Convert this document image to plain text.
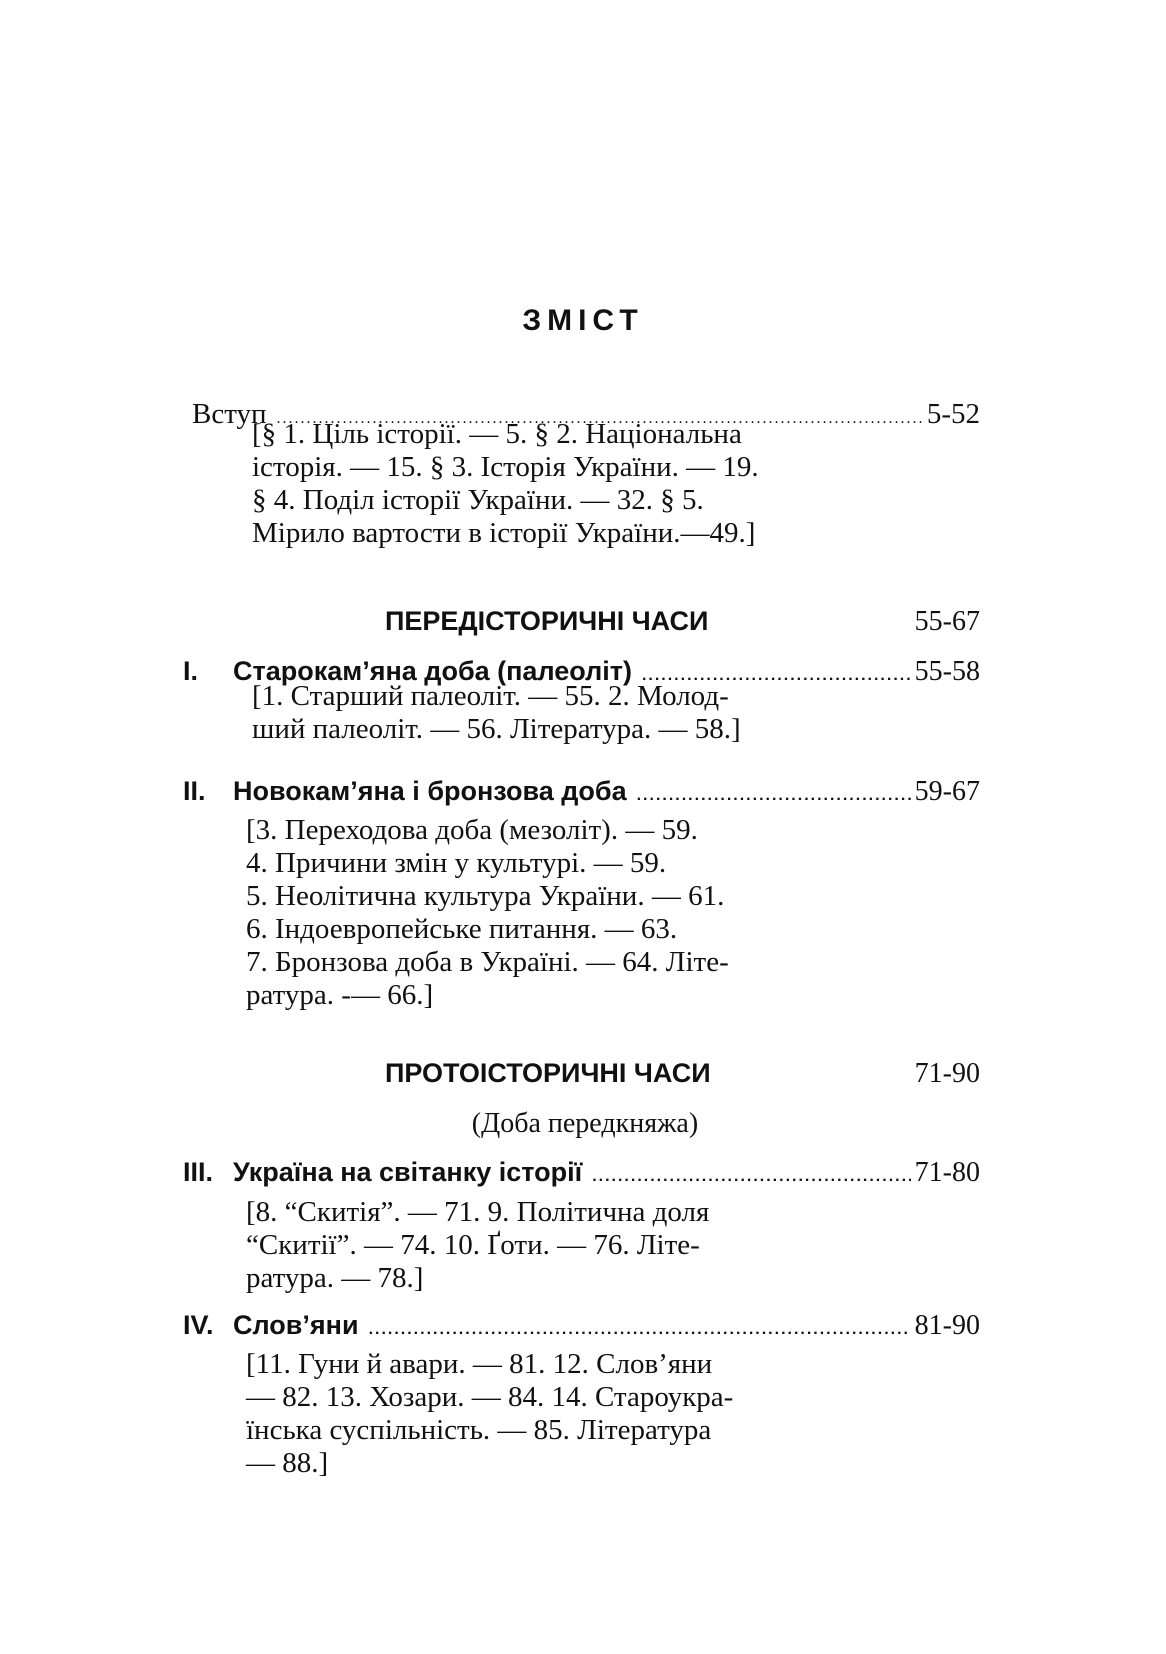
ЗМІСТ
Вступ .....	5-52
[§ 1. Ціль історії. — 5. § 2. Національна
історія. — 15. § 3. Історія України. — 19.
§ 4. Поділ історії України. — 32. § 5.
Мірило вартости в історії України.—49.]
ПЕРЕДІСТОРИЧНІ ЧАСИ	55-67
I. Старокам’яна доба (палеоліт) .....	55-58
[1. Старший палеоліт. — 55. 2. Молод-
ший палеоліт. — 56. Література. — 58.]
II. Новокам’яна і бронзова доба .....	59-67
[3. Переходова доба (мезоліт). — 59.
4. Причини змін у культурі. — 59.
5. Неолітична культура України. — 61.
6. Індоевропейське питання. — 63.
7. Бронзова доба в Україні. — 64. Літе-
ратура. -— 66.]
ПРОТОІСТОРИЧНІ ЧАСИ	71-90
(Доба передкняжа)
III. Україна на світанку історії .....	71-80
[8. “Скитія”. — 71. 9. Політична доля
“Скитії”. — 74. 10. Ґоти. — 76. Літе-
ратура. — 78.]
IV. Слов’яни .....	81-90
[11. Гуни й авари. — 81. 12. Слов’яни
— 82. 13. Хозари. — 84. 14. Староукра-
їнська суспільність. — 85. Література
— 88.]
